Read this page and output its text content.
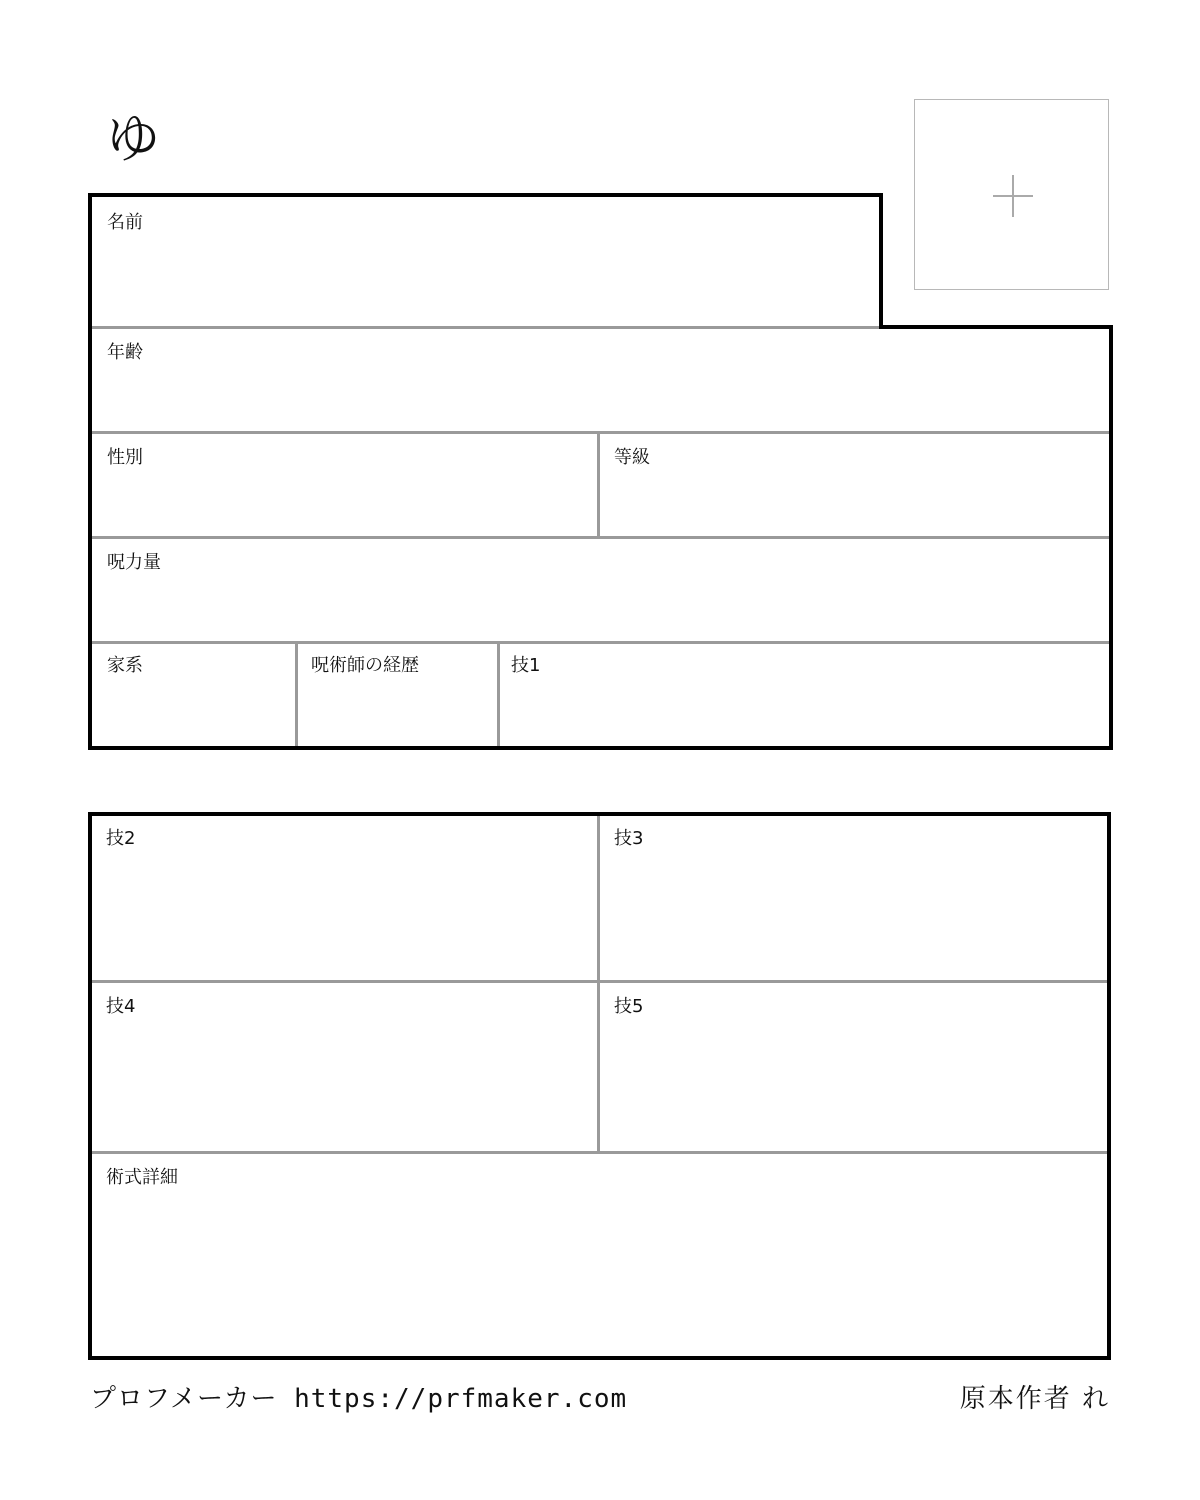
ゆ
名前
年齢
性別	等級
呪力量
家系	呪術師の経歴	技1
技2	技3
技4	技5
術式詳細
プロフメーカー https://prfmaker.com	原本作者 れ
